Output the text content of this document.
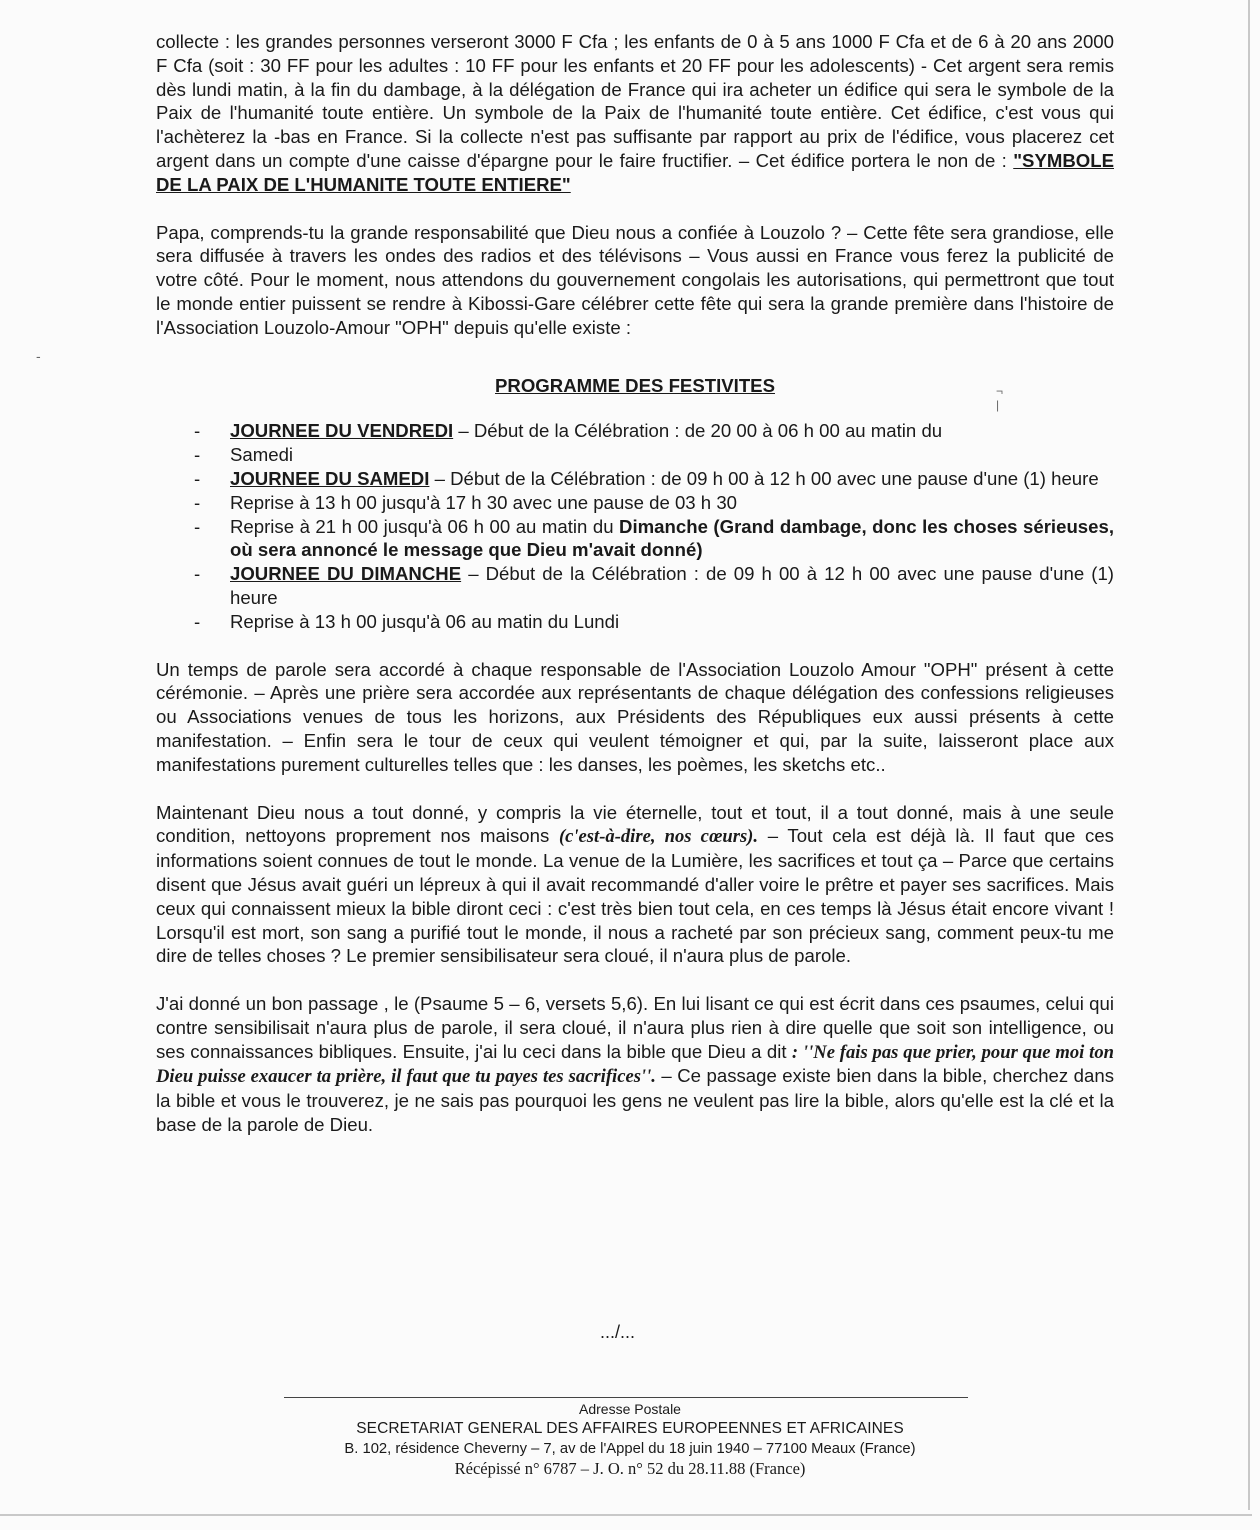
-
¬
|

collecte : les grandes personnes verseront 3000 F Cfa ; les enfants de 0 à 5 ans 1000 F Cfa et de 6 à 20 ans 2000 F Cfa (soit : 30 FF pour les adultes : 10 FF pour les enfants et 20 FF pour les adolescents) - Cet argent sera remis dès lundi matin, à la fin du dambage, à la délégation de France qui ira acheter un édifice qui sera le symbole de la Paix de l'humanité toute entière. Un symbole de la Paix de l'humanité toute entière. Cet édifice, c'est vous qui l'achèterez la -bas en France. Si la collecte n'est pas suffisante par rapport au prix de l'édifice, vous placerez cet argent dans un compte d'une caisse d'épargne pour le faire fructifier. – Cet édifice portera le non de : "SYMBOLE DE LA PAIX DE L'HUMANITE TOUTE ENTIERE"

Papa, comprends-tu la grande responsabilité que Dieu nous a confiée à Louzolo ? – Cette fête sera grandiose, elle sera diffusée à travers les ondes des radios et des télévisons – Vous aussi en France vous ferez la publicité de votre côté. Pour le moment, nous attendons du gouvernement congolais les autorisations, qui permettront que tout le monde entier puissent se rendre à Kibossi-Gare célébrer cette fête qui sera la grande première dans l'histoire de l'Association Louzolo-Amour "OPH" depuis qu'elle existe :

PROGRAMME DES FESTIVITES
- JOURNEE DU VENDREDI – Début de la Célébration : de 20 00 à 06 h 00 au matin du
- Samedi
- JOURNEE DU SAMEDI – Début de la Célébration : de 09 h 00 à 12 h 00 avec une pause d'une (1) heure
- Reprise à 13 h 00 jusqu'à 17 h 30 avec une pause de 03 h 30
- Reprise à 21 h 00 jusqu'à 06 h 00 au matin du Dimanche (Grand dambage, donc les choses sérieuses, où sera annoncé le message que Dieu m'avait donné)
- JOURNEE DU DIMANCHE – Début de la Célébration : de 09 h 00 à 12 h 00 avec une pause d'une (1) heure
- Reprise à 13 h 00 jusqu'à 06 au matin du Lundi

Un temps de parole sera accordé à chaque responsable de l'Association Louzolo Amour "OPH" présent à cette cérémonie. – Après une prière sera accordée aux représentants de chaque délégation des confessions religieuses ou Associations venues de tous les horizons, aux Présidents des Républiques eux aussi présents à cette manifestation. – Enfin sera le tour de ceux qui veulent témoigner et qui, par la suite, laisseront place aux manifestations purement culturelles telles que : les danses, les poèmes, les sketchs etc..

Maintenant Dieu nous a tout donné, y compris la vie éternelle, tout et tout, il a tout donné, mais à une seule condition, nettoyons proprement nos maisons (c'est-à-dire, nos cœurs). – Tout cela est déjà là. Il faut que ces informations soient connues de tout le monde. La venue de la Lumière, les sacrifices et tout ça – Parce que certains disent que Jésus avait guéri un lépreux à qui il avait recommandé d'aller voire le prêtre et payer ses sacrifices. Mais ceux qui connaissent mieux la bible diront ceci : c'est très bien tout cela, en ces temps là Jésus était encore vivant ! Lorsqu'il est mort, son sang a purifié tout le monde, il nous a racheté par son précieux sang, comment peux-tu me dire de telles choses ? Le premier sensibilisateur sera cloué, il n'aura plus de parole.

J'ai donné un bon passage , le (Psaume 5 – 6, versets 5,6). En lui lisant ce qui est écrit dans ces psaumes, celui qui contre sensibilisait n'aura plus de parole, il sera cloué, il n'aura plus rien à dire quelle que soit son intelligence, ou ses connaissances bibliques. Ensuite, j'ai lu ceci dans la bible que Dieu a dit : ''Ne fais pas que prier, pour que moi ton Dieu puisse exaucer ta prière, il faut que tu payes tes sacrifices''. – Ce passage existe bien dans la bible, cherchez dans la bible et vous le trouverez, je ne sais pas pourquoi les gens ne veulent pas lire la bible, alors qu'elle est la clé et la base de la parole de Dieu.

.../...
Adresse Postale
SECRETARIAT GENERAL DES AFFAIRES EUROPEENNES ET AFRICAINES
B. 102, résidence Cheverny – 7, av de l'Appel du 18 juin 1940 – 77100 Meaux (France)
Récépissé n° 6787 – J. O. n° 52 du 28.11.88 (France)
